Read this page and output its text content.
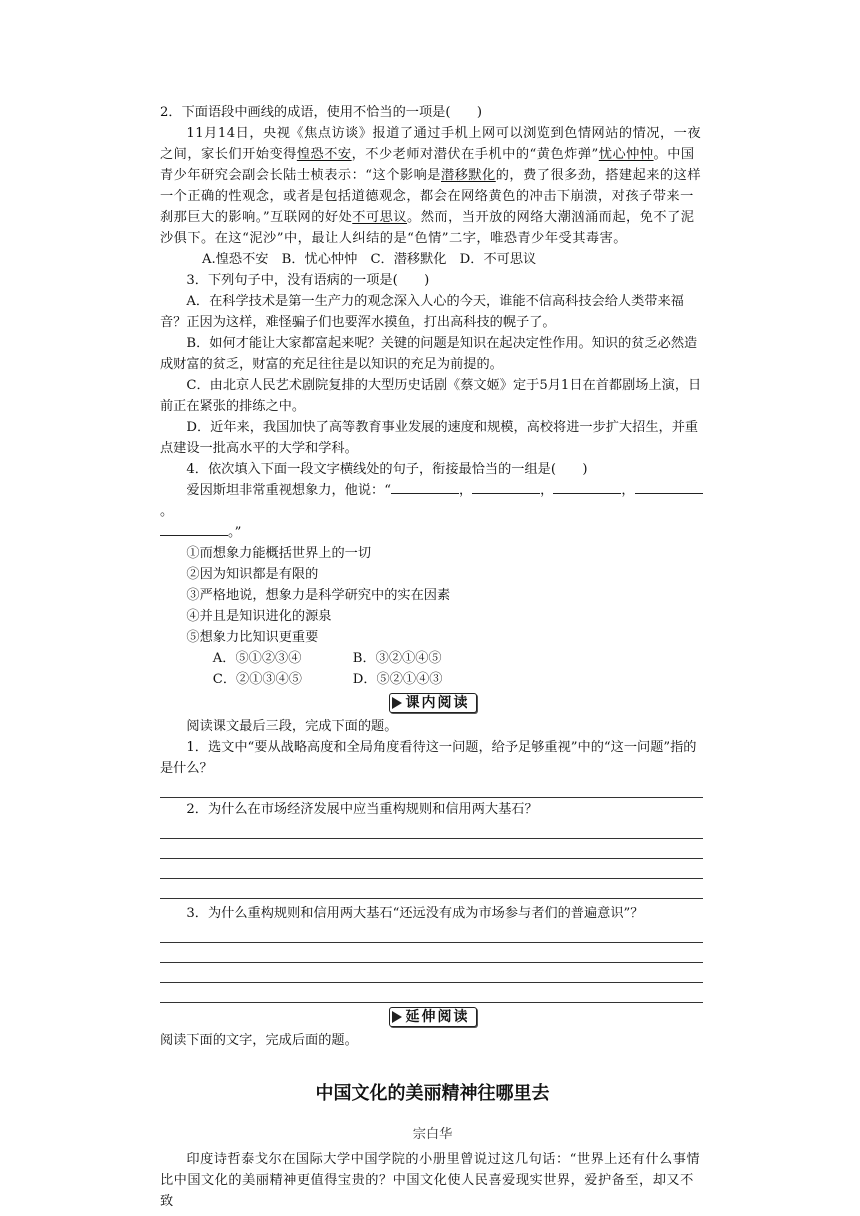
2．下面语段中画线的成语，使用不恰当的一项是(　　)

11月14日，央视《焦点访谈》报道了通过手机上网可以浏览到色情网站的情况，一夜之间，家长们开始变得惶恐不安，不少老师对潜伏在手机中的“黄色炸弹”忧心忡忡。中国青少年研究会副会长陆士桢表示：“这个影响是潜移默化的，费了很多劲，搭建起来的这样一个正确的性观念，或者是包括道德观念，都会在网络黄色的冲击下崩溃，对孩子带来一刹那巨大的影响。”互联网的好处不可思议。然而，当开放的网络大潮汹涌而起，免不了泥沙俱下。在这“泥沙”中，最让人纠结的是“色情”二字，唯恐青少年受其毒害。

A.惶恐不安　B．忧心忡忡　C．潜移默化　D．不可思议

3．下列句子中，没有语病的一项是(　　)

A．在科学技术是第一生产力的观念深入人心的今天，谁能不信高科技会给人类带来福音？正因为这样，难怪骗子们也要浑水摸鱼，打出高科技的幌子了。

B．如何才能让大家都富起来呢？关键的问题是知识在起决定性作用。知识的贫乏必然造成财富的贫乏，财富的充足往往是以知识的充足为前提的。

C．由北京人民艺术剧院复排的大型历史话剧《蔡文姬》定于5月1日在首都剧场上演，日前正在紧张的排练之中。

D．近年来，我国加快了高等教育事业发展的速度和规模，高校将进一步扩大招生，并重点建设一批高水平的大学和学科。

4．依次填入下面一段文字横线处的句子，衔接最恰当的一组是(　　)

爱因斯坦非常重视想象力，他说：“	，	，	，。
。”

①而想象力能概括世界上的一切

②因为知识都是有限的

③严格地说，想象力是科学研究中的实在因素

④并且是知识进化的源泉

⑤想象力比知识更重要

A．⑤①②③④	B．③②①④⑤

C．②①③④⑤	D．⑤②①④③

课内阅读

阅读课文最后三段，完成下面的题。

1．选文中“要从战略高度和全局角度看待这一问题，给予足够重视”中的“这一问题”指的是什么？

2．为什么在市场经济发展中应当重构规则和信用两大基石？

3．为什么重构规则和信用两大基石“还远没有成为市场参与者们的普遍意识”？

延伸阅读

阅读下面的文字，完成后面的题。

中国文化的美丽精神往哪里去
宗白华

印度诗哲泰戈尔在国际大学中国学院的小册里曾说过这几句话：“世界上还有什么事情比中国文化的美丽精神更值得宝贵的？中国文化使人民喜爱现实世界，爱护备至，却又不致
